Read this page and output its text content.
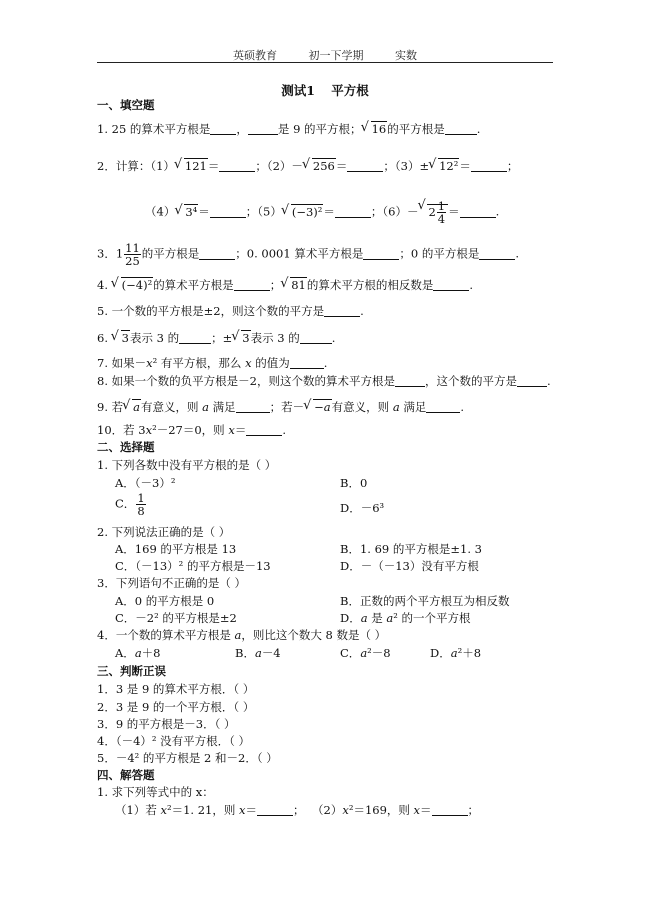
英硕教育	初一下学期	实数
测试1 平方根
一、填空题
1. 25 的算术平方根是 ，	是 9 的平方根； √ 16的平方根是	.
2．计算：（1） √ 121＝	；（2）－ √ 256＝	；（3）± √ 12²＝	；
（4） √ 3⁴＝	；（5） √ (−3)²＝	；（6）－ √ $2 \frac{1}{4}$ ＝	.
3．$1 \frac{11}{25}$ 的平方根是	；0. 0001 算术平方根是	；0 的平方根是	.
4. √ (−4)²的算术平方根是	； √ 81的算术平方根的相反数是	.
5. 一个数的平方根是±2，则这个数的平方是	.
6. √ 3表示 3 的	；± √ 3表示 3 的	.
7. 如果－x² 有平方根，那么 x 的值为	.
8. 如果一个数的负平方根是－2，则这个数的算术平方根是	，这个数的平方是	.
9. 若 √ a有意义，则 a 满足	；若－ √ −a有意义，则 a 满足	.
10．若 3x²－27＝0，则 x＝	.
二、选择题
1. 下列各数中没有平方根的是（ ）
A．（－3）²	B．0
C． $\frac{1}{8}$	D．－6³
2. 下列说法正确的是（ ）
A．169 的平方根是 13	B．1. 69 的平方根是±1. 3
C．（－13）² 的平方根是－13	D．－（－13）没有平方根
3．下列语句不正确的是（ ）
A．0 的平方根是 0	B．正数的两个平方根互为相反数
C．－2² 的平方根是±2	D．a 是 a² 的一个平方根
4．一个数的算术平方根是 a，则比这个数大 8 数是（ ）
A．a＋8	B．a－4	C．a²－8	D．a²＋8
三、判断正误
1．3 是 9 的算术平方根．（ ）
2．3 是 9 的一个平方根．（ ）
3．9 的平方根是－3．（ ）
4．（－4）² 没有平方根．（ ）
5．－4² 的平方根是 2 和－2．（ ）
四、解答题
1. 求下列等式中的 x：
（1）若 x²＝1. 21，则 x＝	； （2）x²＝169，则 x＝	；
